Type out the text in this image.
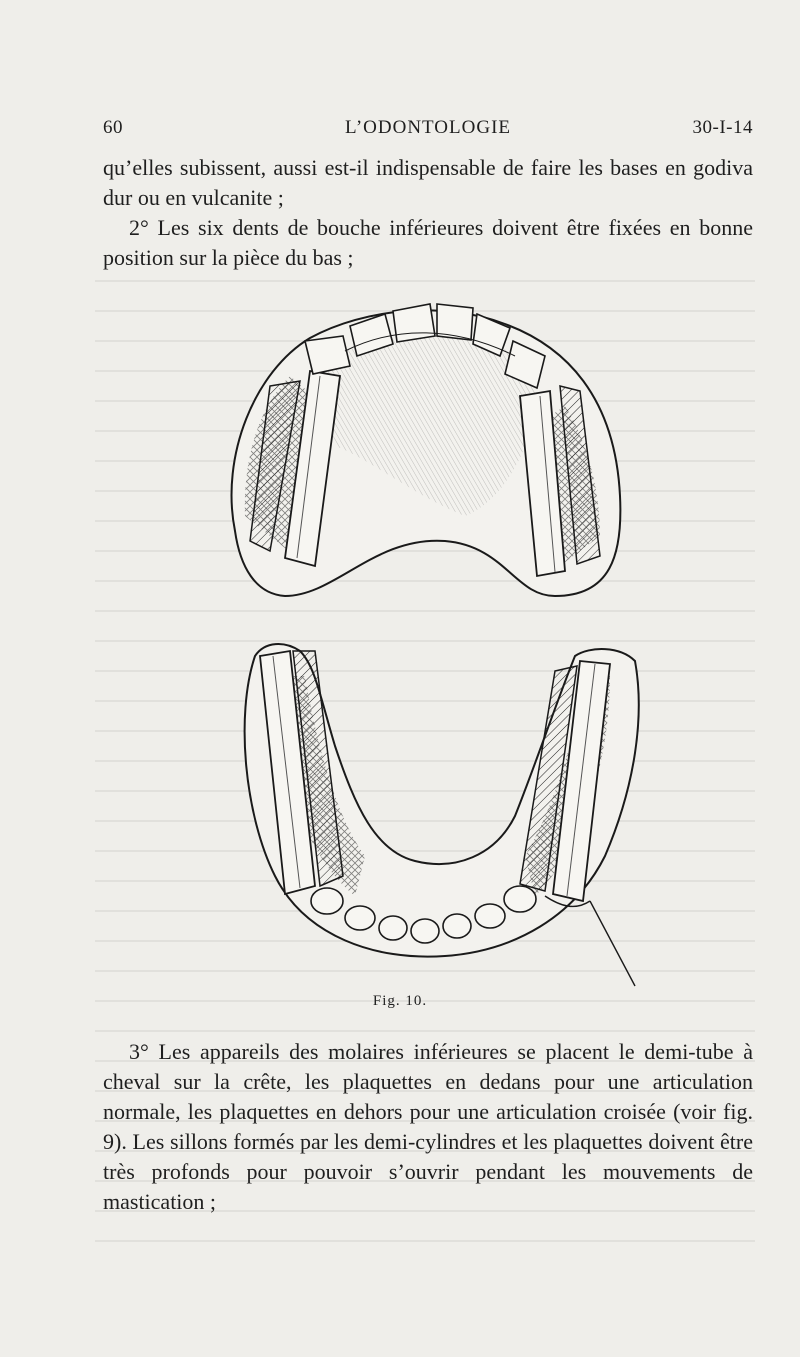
60	L’ODONTOLOGIE	30-I-14

qu’elles subissent, aussi est-il indispensable de faire les bases en godiva dur ou en vulcanite ;

2° Les six dents de bouche inférieures doivent être fixées en bonne position sur la pièce du bas ;

Fig. 10.

3° Les appareils des molaires inférieures se placent le demi-tube à cheval sur la crête, les plaquettes en dedans pour une articulation normale, les plaquettes en dehors pour une articulation croisée (voir fig. 9). Les sillons formés par les demi-cylindres et les plaquettes doivent être très profonds pour pouvoir s’ouvrir pendant les mouvements de mastication ;
